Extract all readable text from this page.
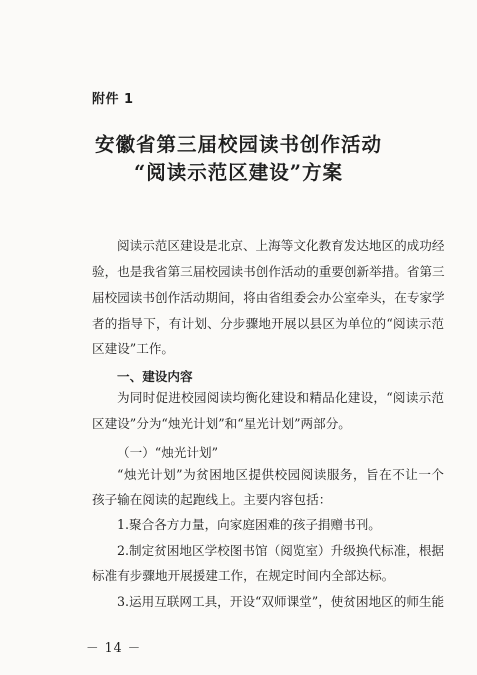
附件 1
安徽省第三届校园读书创作活动
“阅读示范区建设”方案
阅读示范区建设是北京、上海等文化教育发达地区的成功经
验，也是我省第三届校园读书创作活动的重要创新举措。省第三
届校园读书创作活动期间，将由省组委会办公室牵头，在专家学
者的指导下，有计划、分步骤地开展以县区为单位的“阅读示范
区建设”工作。
一、建设内容
为同时促进校园阅读均衡化建设和精品化建设，“阅读示范
区建设”分为“烛光计划”和“星光计划”两部分。
（一）“烛光计划”
“烛光计划”为贫困地区提供校园阅读服务，旨在不让一个
孩子输在阅读的起跑线上。主要内容包括：
1.聚合各方力量，向家庭困难的孩子捐赠书刊。
2.制定贫困地区学校图书馆（阅览室）升级换代标准，根据
标准有步骤地开展援建工作，在规定时间内全部达标。
3.运用互联网工具，开设“双师课堂”，使贫困地区的师生能
－ 14 －
